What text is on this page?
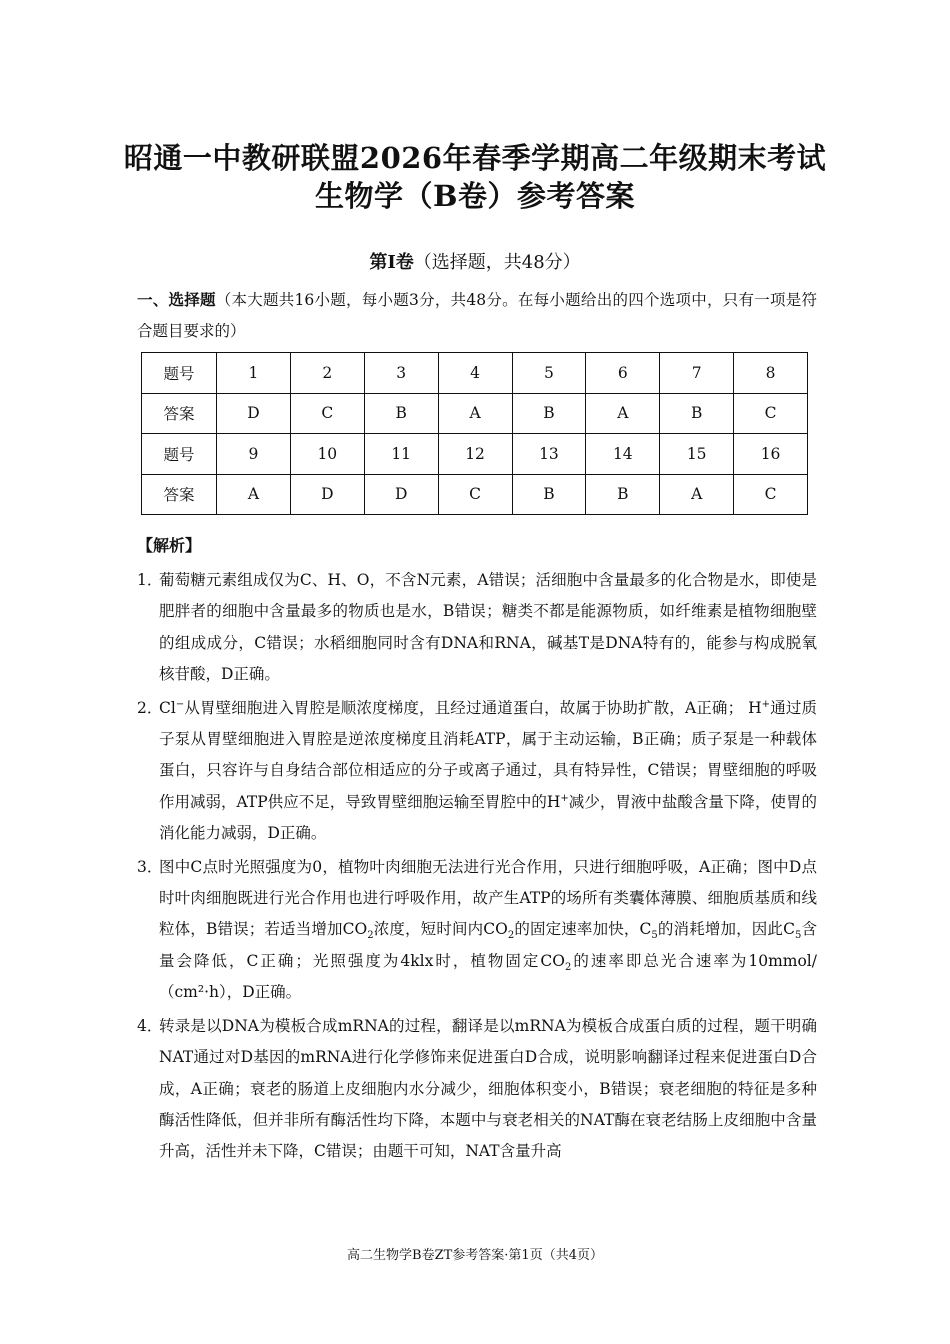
昭通一中教研联盟2026年春季学期高二年级期末考试
生物学（B卷）参考答案
第Ⅰ卷（选择题，共48分）
一、选择题（本大题共16小题，每小题3分，共48分。在每小题给出的四个选项中，只有一项是符合题目要求的）
题号	1	2	3	4	5	6	7	8
答案	D	C	B	A	B	A	B	C
题号	9	10	11	12	13	14	15	16
答案	A	D	D	C	B	B	A	C
【解析】
1．
葡萄糖元素组成仅为C、H、O，不含N元素，A错误；活细胞中含量最多的化合物是水，即使是肥胖者的细胞中含量最多的物质也是水，B错误；糖类不都是能源物质，如纤维素是植物细胞壁的组成成分，C错误；水稻细胞同时含有DNA和RNA，碱基T是DNA特有的，能参与构成脱氧核苷酸，D正确。
2．
Cl−从胃壁细胞进入胃腔是顺浓度梯度，且经过通道蛋白，故属于协助扩散，A正确； H+通过质子泵从胃壁细胞进入胃腔是逆浓度梯度且消耗ATP，属于主动运输，B正确；质子泵是一种载体蛋白，只容许与自身结合部位相适应的分子或离子通过，具有特异性，C错误；胃壁细胞的呼吸作用减弱，ATP供应不足，导致胃壁细胞运输至胃腔中的H+减少，胃液中盐酸含量下降，使胃的消化能力减弱，D正确。
3．
图中C点时光照强度为0，植物叶肉细胞无法进行光合作用，只进行细胞呼吸，A正确；图中D点时叶肉细胞既进行光合作用也进行呼吸作用，故产生ATP的场所有类囊体薄膜、细胞质基质和线粒体，B错误；若适当增加$CO_2$浓度，短时间内$CO_2$的固定速率加快，$C_5$的消耗增加，因此$C_5$含量会降低，C正确；光照强度为4klx时，植物固定$CO_2$的速率即总光合速率为10mmol/（cm²·h），D正确。
4．
转录是以DNA为模板合成mRNA的过程，翻译是以mRNA为模板合成蛋白质的过程，题干明确NAT通过对D基因的mRNA进行化学修饰来促进蛋白D合成，说明影响翻译过程来促进蛋白D合成，A正确；衰老的肠道上皮细胞内水分减少，细胞体积变小，B错误；衰老细胞的特征是多种酶活性降低，但并非所有酶活性均下降，本题中与衰老相关的NAT酶在衰老结肠上皮细胞中含量升高，活性并未下降，C错误；由题干可知，NAT含量升高
高二生物学B卷ZT参考答案·第1页（共4页）
